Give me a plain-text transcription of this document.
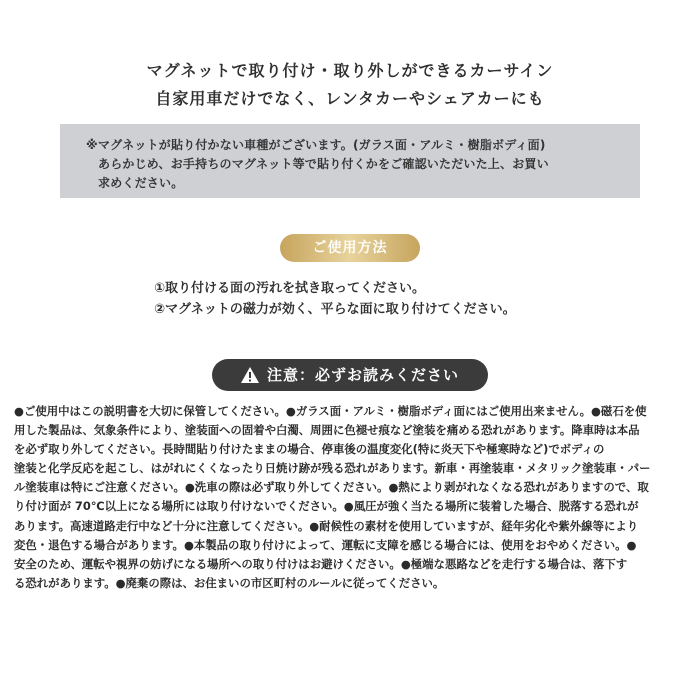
マグネットで取り付け・取り外しができるカーサイン
自家用車だけでなく、レンタカーやシェアカーにも

※マグネットが貼り付かない車種がございます。(ガラス面・アルミ・樹脂ボディ面)

あらかじめ、お手持ちのマグネット等で貼り付くかをご確認いただいた上、お買い

求めください。

ご使用方法
①取り付ける面の汚れを拭き取ってください。
②マグネットの磁力が効く、平らな面に取り付けてください。
注意：必ずお読みください
●ご使用中はこの説明書を大切に保管してください。●ガラス面・アルミ・樹脂ボディ面にはご使用出来ません。●磁石を使
用した製品は、気象条件により、塗装面への固着や白濁、周囲に色褪せ痕など塗装を痛める恐れがあります。降車時は本品
を必ず取り外してください。長時間貼り付けたままの場合、停車後の温度変化(特に炎天下や極寒時など)でボディの
塗装と化学反応を起こし、はがれにくくなったり日焼け跡が残る恐れがあります。新車・再塗装車・メタリック塗装車・パー
ル塗装車は特にご注意ください。●洗車の際は必ず取り外してください。●熱により剥がれなくなる恐れがありますので、取
り付け面が 70℃以上になる場所には取り付けないでください。●風圧が強く当たる場所に装着した場合、脱落する恐れが
あります。高速道路走行中など十分に注意してください。●耐候性の素材を使用していますが、経年劣化や紫外線等により
変色・退色する場合があります。●本製品の取り付けによって、運転に支障を感じる場合には、使用をおやめください。●
安全のため、運転や視界の妨げになる場所への取り付けはお避けください。●極端な悪路などを走行する場合は、落下す
る恐れがあります。●廃棄の際は、お住まいの市区町村のルールに従ってください。
